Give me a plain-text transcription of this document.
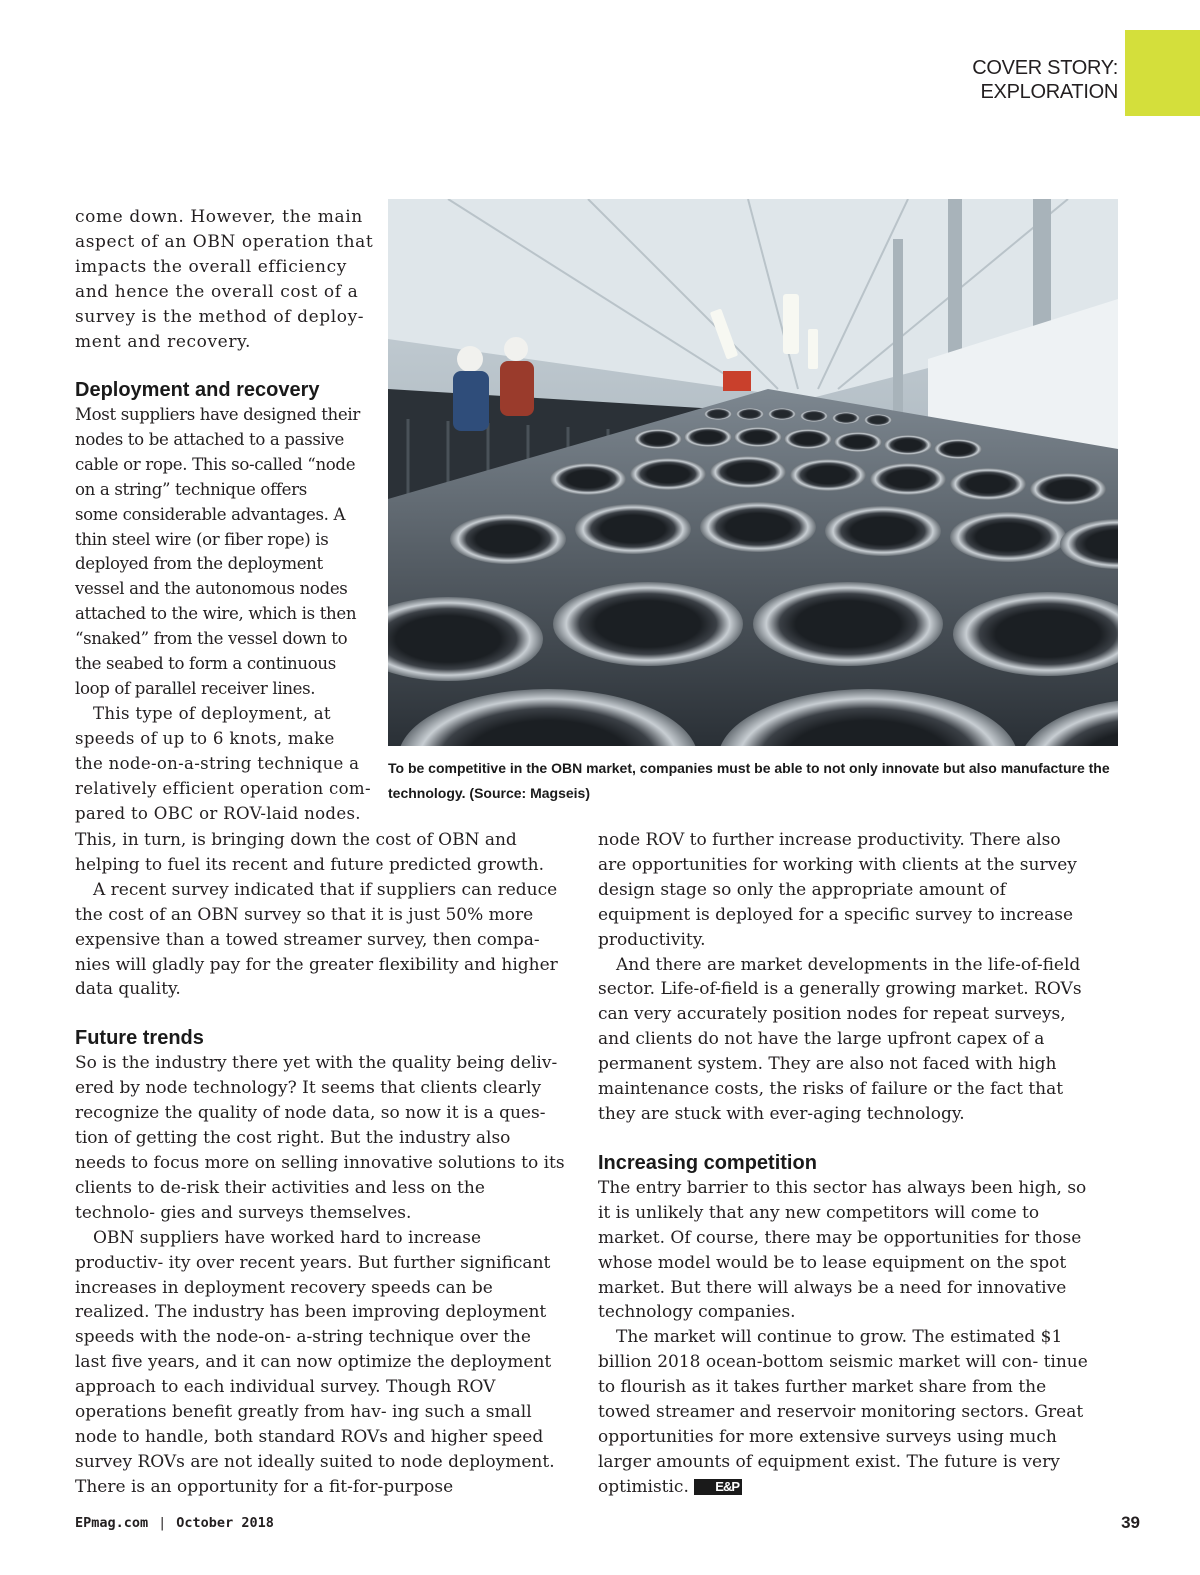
COVER STORY:
EXPLORATION
come down. However, the main
aspect of an OBN operation that
impacts the overall efficiency
and hence the overall cost of a
survey is the method of deploy-
ment and recovery.
Deployment and recovery
Most suppliers have designed their
nodes to be attached to a passive
cable or rope. This so-called “node
on a string” technique offers
some considerable advantages. A
thin steel wire (or fiber rope) is
deployed from the deployment
vessel and the autonomous nodes
attached to the wire, which is then
“snaked” from the vessel down to
the seabed to form a continuous
loop of parallel receiver lines.
This type of deployment, at
speeds of up to 6 knots, make
the node-on-a-string technique a
relatively efficient operation com-
pared to OBC or ROV-laid nodes.
To be competitive in the OBN market, companies must be able to not only innovate but also manufacture the technology. (Source: Magseis)

This, in turn, is bringing down the cost of OBN and helping to fuel its recent and future predicted growth.

A recent survey indicated that if suppliers can reduce the cost of an OBN survey so that it is just 50% more expensive than a towed streamer survey, then compa- nies will gladly pay for the greater flexibility and higher data quality.

Future trends

So is the industry there yet with the quality being deliv- ered by node technology? It seems that clients clearly recognize the quality of node data, so now it is a ques- tion of getting the cost right. But the industry also needs to focus more on selling innovative solutions to its clients to de-risk their activities and less on the technolo- gies and surveys themselves.

OBN suppliers have worked hard to increase productiv- ity over recent years. But further significant increases in deployment recovery speeds can be realized. The industry has been improving deployment speeds with the node-on- a-string technique over the last five years, and it can now optimize the deployment approach to each individual survey. Though ROV operations benefit greatly from hav- ing such a small node to handle, both standard ROVs and higher speed survey ROVs are not ideally suited to node deployment. There is an opportunity for a fit-for-purpose

node ROV to further increase productivity. There also are opportunities for working with clients at the survey design stage so only the appropriate amount of equipment is deployed for a specific survey to increase productivity.

And there are market developments in the life-of-field sector. Life-of-field is a generally growing market. ROVs can very accurately position nodes for repeat surveys, and clients do not have the large upfront capex of a permanent system. They are also not faced with high maintenance costs, the risks of failure or the fact that they are stuck with ever-aging technology.

Increasing competition

The entry barrier to this sector has always been high, so it is unlikely that any new competitors will come to market. Of course, there may be opportunities for those whose model would be to lease equipment on the spot market. But there will always be a need for innovative technology companies.

The market will continue to grow. The estimated $1 billion 2018 ocean-bottom seismic market will con- tinue to flourish as it takes further market share from the towed streamer and reservoir monitoring sectors. Great opportunities for more extensive surveys using much larger amounts of equipment exist. The future is very optimistic. E&P

EPmag.com | October 2018	39
